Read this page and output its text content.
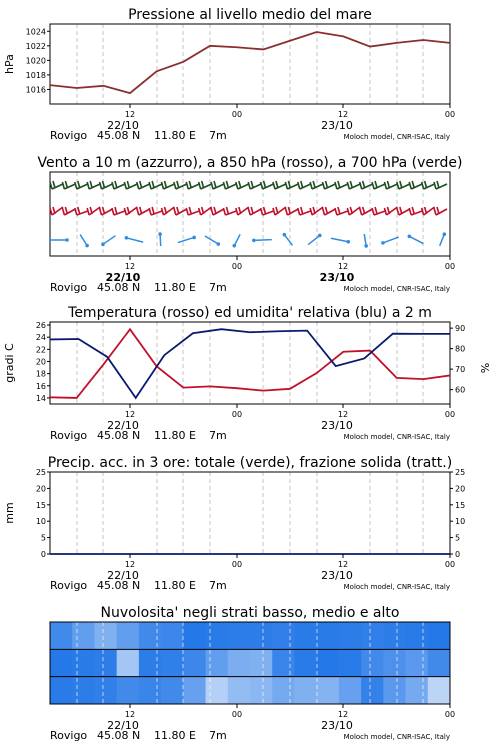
Pressione al livello medio del mare
1016
1018
1020
1022
1024
hPa
12	00	12	00
22/10	23/10
Rovigo 45.08 N 11.80 E 7m	Moloch model, CNR-ISAC, Italy
Vento a 10 m (azzurro), a 850 hPa (rosso), a 700 hPa (verde)
12	00	12	00
22/10	23/10
Rovigo 45.08 N 11.80 E 7m	Moloch model, CNR-ISAC, Italy
Temperatura (rosso) ed umidita' relativa (blu) a 2 m
14
16
18
20
22
24
26
60
70
80
90
gradi C	%
12	00	12	00
22/10	23/10
Rovigo 45.08 N 11.80 E 7m	Moloch model, CNR-ISAC, Italy
Precip. acc. in 3 ore: totale (verde), frazione solida (tratt.)
0
5
10
15
20
25
0
5
10
15
20
25
mm
12	00	12	00
22/10	23/10
Rovigo 45.08 N 11.80 E 7m	Moloch model, CNR-ISAC, Italy
Nuvolosita' negli strati basso, medio e alto
12	00	12	00
22/10	23/10
Rovigo 45.08 N 11.80 E 7m	Moloch model, CNR-ISAC, Italy
